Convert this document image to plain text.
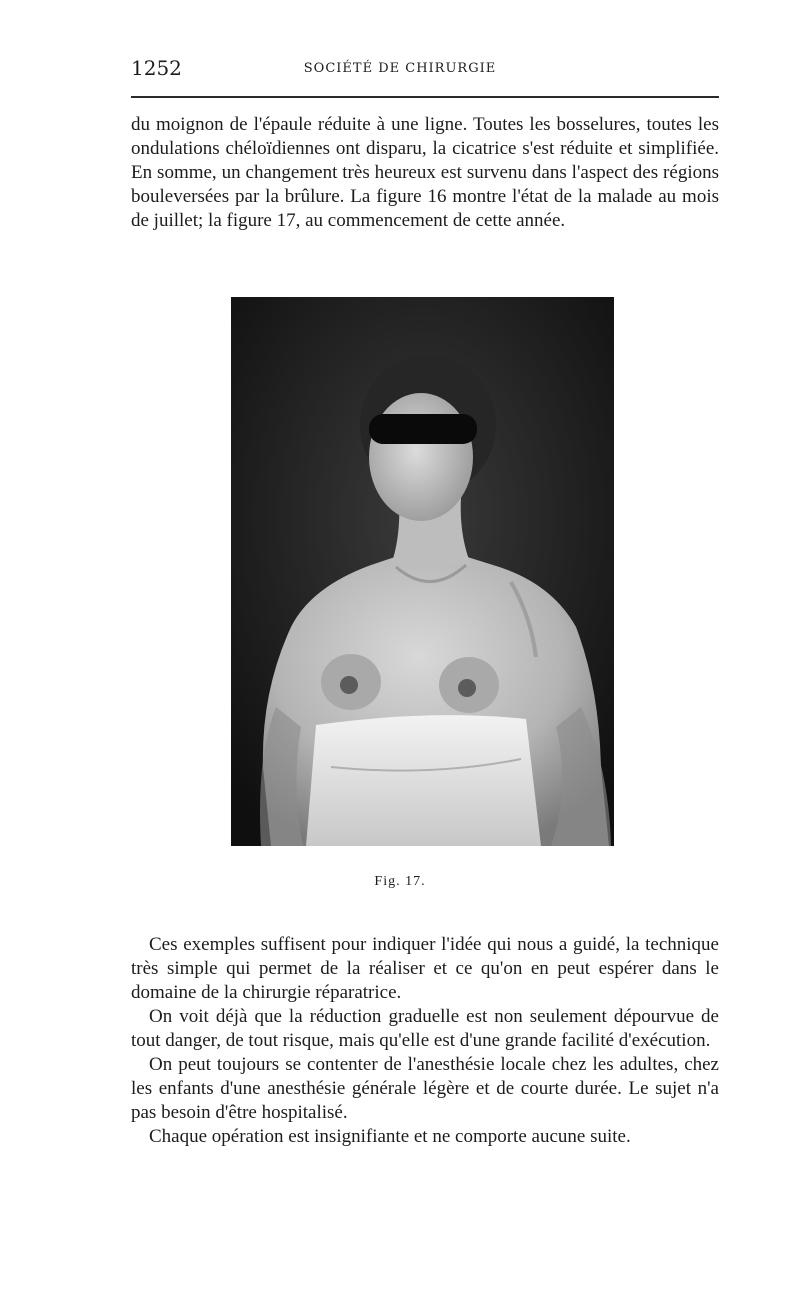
1252	SOCIÉTÉ DE CHIRURGIE

du moignon de l'épaule réduite à une ligne. Toutes les bosselures, toutes les ondulations chéloïdiennes ont disparu, la cicatrice s'est réduite et simplifiée. En somme, un changement très heureux est survenu dans l'aspect des régions bouleversées par la brûlure. La figure 16 montre l'état de la malade au mois de juillet; la figure 17, au commencement de cette année.

Fig. 17.

Ces exemples suffisent pour indiquer l'idée qui nous a guidé, la technique très simple qui permet de la réaliser et ce qu'on en peut espérer dans le domaine de la chirurgie réparatrice.

On voit déjà que la réduction graduelle est non seulement dépourvue de tout danger, de tout risque, mais qu'elle est d'une grande facilité d'exécution.

On peut toujours se contenter de l'anesthésie locale chez les adultes, chez les enfants d'une anesthésie générale légère et de courte durée. Le sujet n'a pas besoin d'être hospitalisé.

Chaque opération est insignifiante et ne comporte aucune suite.
